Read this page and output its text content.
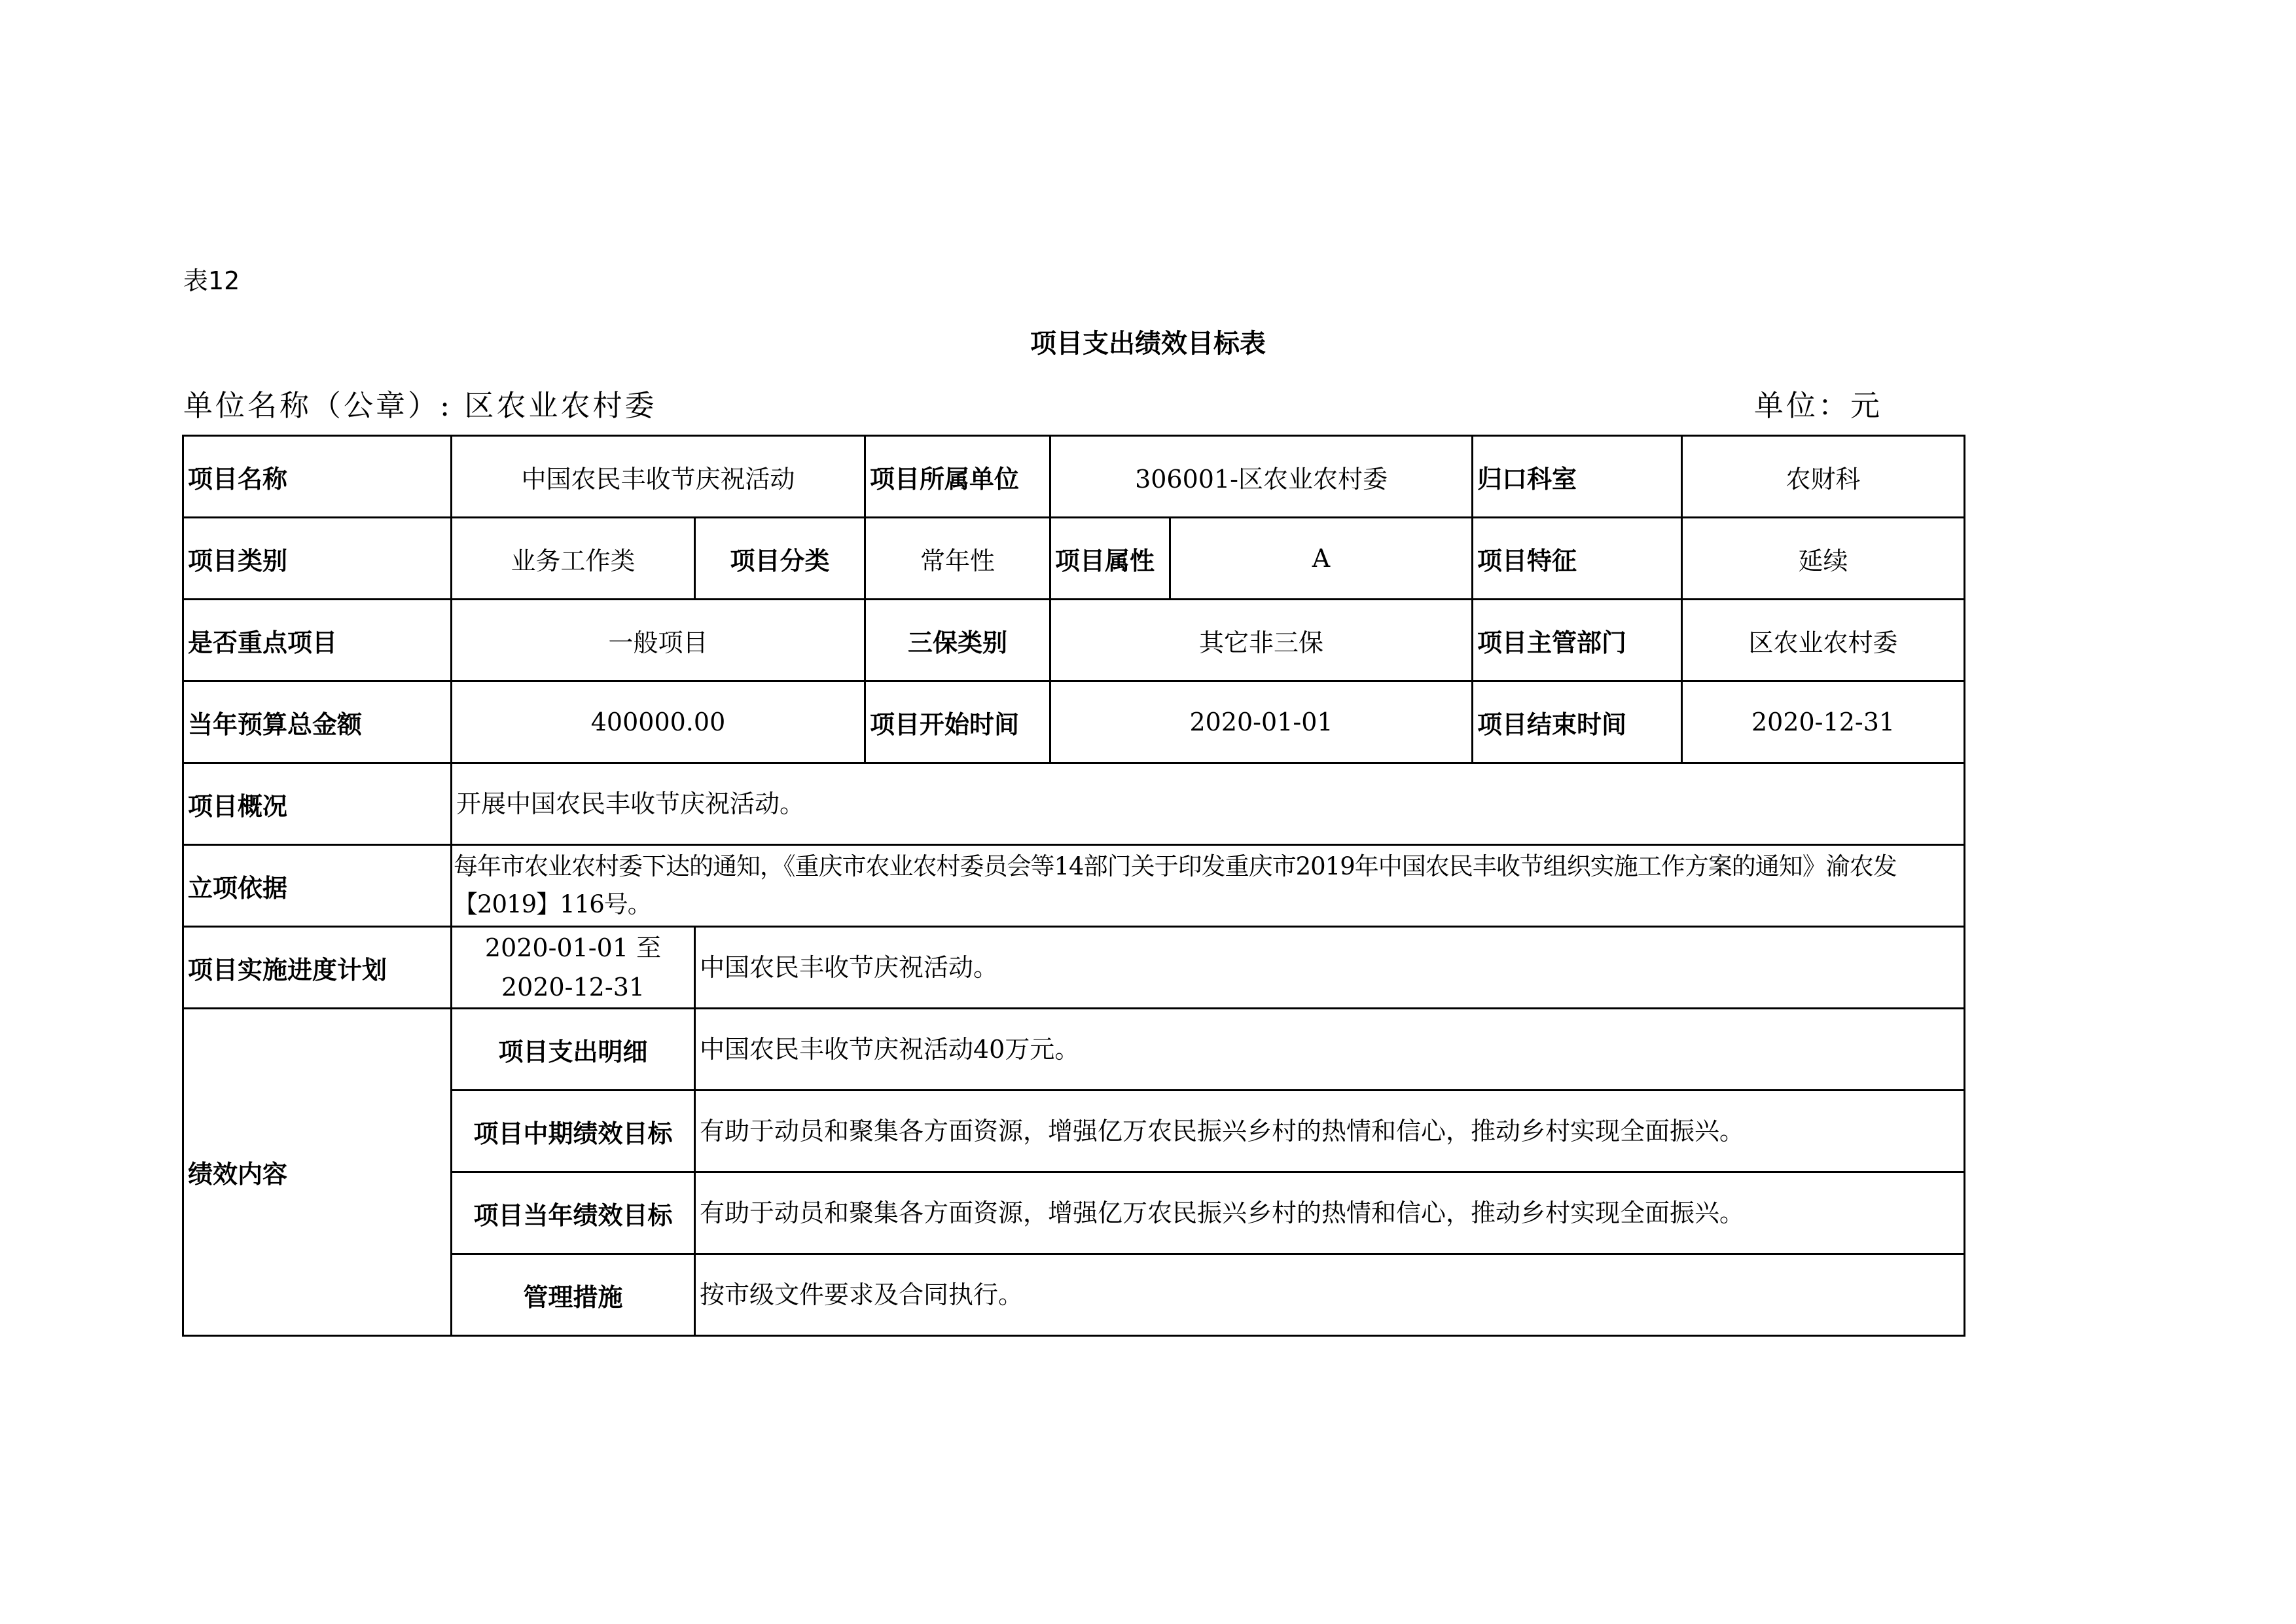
表12
项目支出绩效目标表
单位名称（公章）: 区农业农村委	单位：元
项目名称	中国农民丰收节庆祝活动		项目所属单位	306001-区农业农村委		归口科室	农财科
项目类别	业务工作类	项目分类	常年性	项目属性	A	项目特征	延续
是否重点项目	一般项目		三保类别	其它非三保		项目主管部门	区农业农村委
当年预算总金额	400000.00		项目开始时间	2020-01-01		项目结束时间	2020-12-31
项目概况	开展中国农民丰收节庆祝活动。						
立项依据	每年市农业农村委下达的通知，《重庆市农业农村委员会等14部门关于印发重庆市2019年中国农民丰收节组织实施工作方案的通知》渝农发【2019】116号。						
项目实施进度计划	2020-01-01 至
2020-12-31	中国农民丰收节庆祝活动。					
绩效内容	项目支出明细	中国农民丰收节庆祝活动40万元。					
	项目中期绩效目标	有助于动员和聚集各方面资源，增强亿万农民振兴乡村的热情和信心，推动乡村实现全面振兴。					
	项目当年绩效目标	有助于动员和聚集各方面资源，增强亿万农民振兴乡村的热情和信心，推动乡村实现全面振兴。					
	管理措施	按市级文件要求及合同执行。					
